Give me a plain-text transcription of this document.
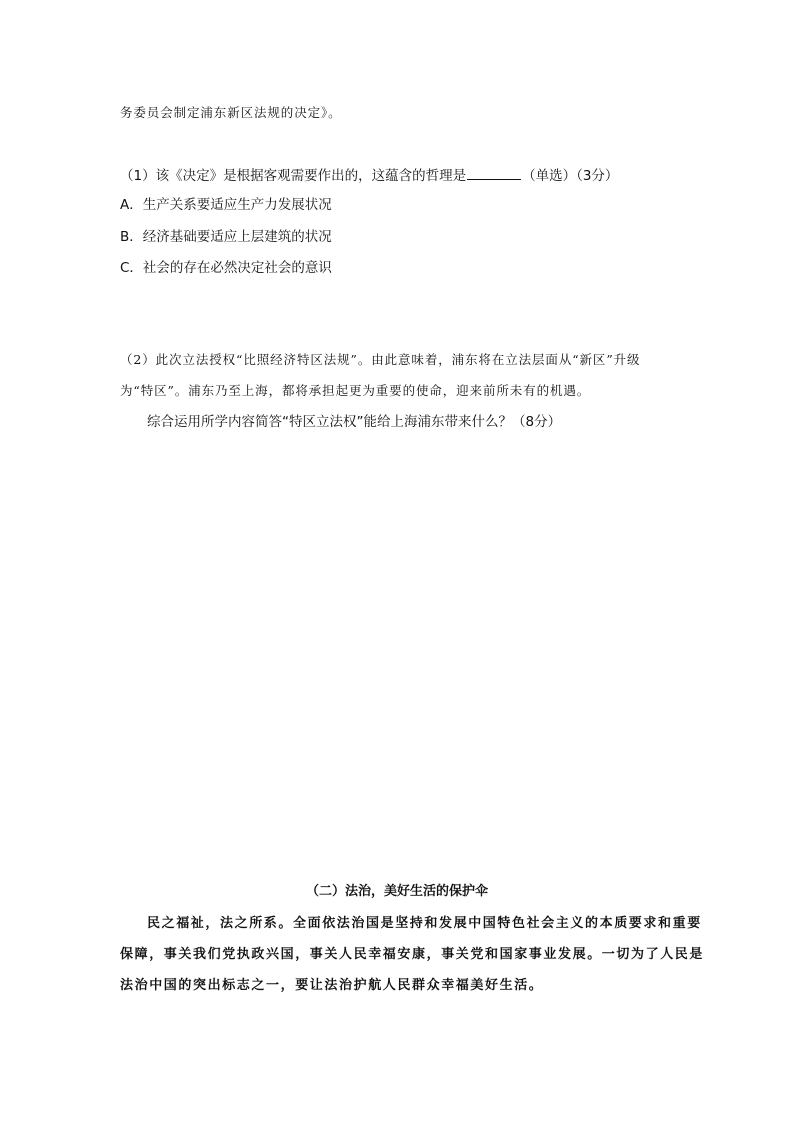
务委员会制定浦东新区法规的决定》。
（1）该《决定》是根据客观需要作出的，这蕴含的哲理是	（单选）（3分）
A．生产关系要适应生产力发展状况
B．经济基础要适应上层建筑的状况
C．社会的存在必然决定社会的意识
（2）此次立法授权“比照经济特区法规”。由此意味着，浦东将在立法层面从“新区”升级
为“特区”。浦东乃至上海，都将承担起更为重要的使命，迎来前所未有的机遇。
综合运用所学内容简答“特区立法权”能给上海浦东带来什么？（8分）
（二）法治，美好生活的保护伞
民之福祉，法之所系。全面依法治国是坚持和发展中国特色社会主义的本质要求和重要
保障，事关我们党执政兴国，事关人民幸福安康，事关党和国家事业发展。一切为了人民是
法治中国的突出标志之一，要让法治护航人民群众幸福美好生活。
